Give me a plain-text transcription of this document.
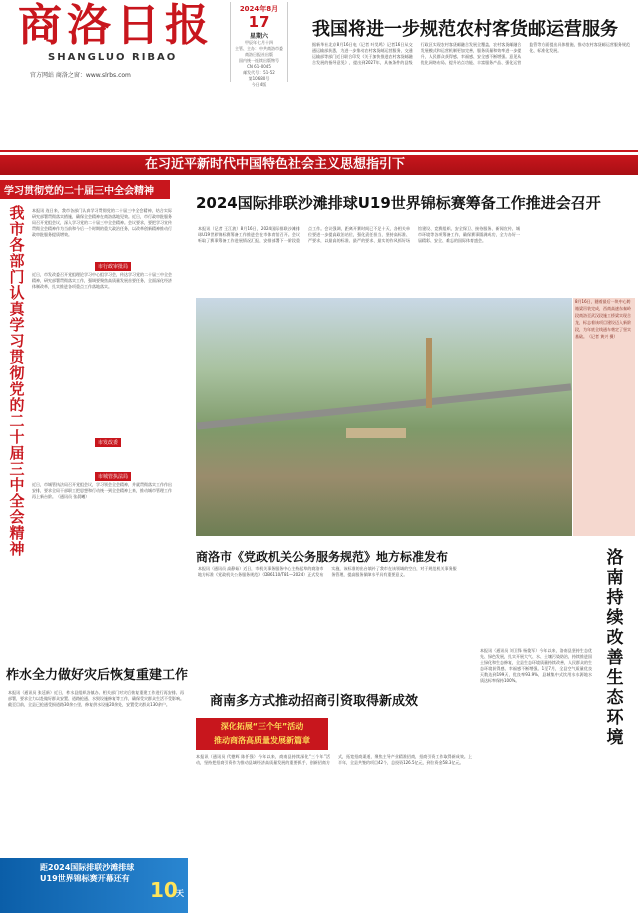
商洛日报
SHANGLUO RIBAO
官方网站 商洛之窗：www.slrbs.com
2024年8月
17
星期六
甲辰年七月十四
主管、主办：中共商洛市委
商洛日报社出版
国内统一连续出版物号
CN 61-0045
邮发代号：51-52
第10680号
今日4版
我国将进一步规范农村客货邮运营服务
据新华社北京8月16日电（记者 叶昊鸣）记者16日从交通运输部获悉，为进一步推动农村客货邮运营服务，交通运输部等部门近日联合印发《关于加快推进农村客货邮融合发展的指导意见》，提出到2027年，具备条件的县级行政区实现农村客货邮融合发展全覆盖，农村客货邮融合发展模式和运营机制更加完善，服务质量和效率进一步提升，人民群众获得感、幸福感、安全感不断增强。意见从优化网络布局、提升站点功能、丰富服务产品、强化运营监管等方面提出具体措施，推动农村客货邮运营服务规范化、标准化发展。
在习近平新时代中国特色社会主义思想指引下
学习贯彻党的二十届三中全会精神
我市各部门认真学习贯彻党的二十届三中全会精神
本报讯 连日来，我市各部门认真学习贯彻党的二十届三中全会精神，结合实际研究部署贯彻落实措施，确保全会精神在商洛落地见效。近日，市行政审批服务局召开党组会议，深入学习党的二十届三中全会精神。会议要求，要把学习宣传贯彻全会精神作为当前和今后一个时期的重大政治任务，以改革创新精神推动行政审批服务提质增效。
市行政审批局
近日，市发改委召开党组理论学习中心组学习会，传达学习党的二十届三中全会精神，研究部署贯彻落实工作，强调要聚焦高质量发展首要任务，全面深化经济体制改革，扎实推进各项重点工作落地落实。
市发改委
市城管执法局
近日，市城管执法局召开党组会议，学习领会全会精神，并就贯彻落实工作作出安排，要求全局干部职工把思想和行动统一到全会精神上来，推动城市管理工作再上新台阶。（通讯员 张晨曦）
2024国际排联沙滩排球U19世界锦标赛筹备工作推进会召开
本报讯（记者 王江波）8月16日，2024国际排联沙滩排球U19世界锦标赛筹备工作推进会在市体育馆召开。会议听取了赛事筹备工作进展情况汇报，安排部署下一阶段重点工作。会议强调，距离开赛时间已不足十天，各相关单位要进一步提高政治站位，强化责任担当，坚持高标准、严要求，以最高的标准、最严的要求、最实的作风抓好场馆建设、竞赛组织、安全保卫、接待服务、新闻宣传、城市环境等各项筹备工作，确保赛事圆满成功，全力办好一届精彩、安全、难忘的国际体育盛会。
8月16日，随着最后一块中心跨箱梁吊装完成，西商高速东秦岭段商洛至武汉段施工桥梁实现合龙，标志着该项目建设迈入新阶段，为年底全线通车奠定了坚实基础。（记者 黄兴 摄）
商洛市《党政机关公务服务规范》地方标准发布
本报讯（通讯员 高静茹）近日，市机关事务服务中心主持起草的商洛市地方标准《党政机关公务服务规范》（DB6110/T81—2024）正式发布实施，该标准的出台填补了我市在该领域的空白，对于规范机关事务服务管理，提高服务保障水平具有重要意义。
洛南持续改善生态环境
本报讯（通讯员 刘卫锋 杨俊军）今年以来，洛南县坚持生态优先、绿色发展，扎实开展大气、水、土壤污染防治，持续推进国土绿化和生态修复，全县生态环境质量持续改善，人民群众的生态环境获得感、幸福感不断增强。1至7月，全县空气质量优良天数达到199天，优良率93.9%，县城集中式饮用水水源地水质达标率保持100%。
柞水全力做好灾后恢复重建工作
本报讯（通讯员 张廷新）近日，柞水县组织各镇办、相关部门对灾后恢复重建工作进行再安排、再部署，要求全力以赴做好群众安置、道路抢通、水毁设施修复等工作，确保受灾群众生活不受影响。截至目前，全县已抢通受损道路30余公里，修复供水设施20余处，安置受灾群众130余户。
距2024国际排联沙滩排球U19世界锦标赛开幕还有	10
天
商南多方式推动招商引资取得新成效
深化拓展“三个年”活动
推动商洛高质量发展新篇章
本报讯（通讯员 代德辉 陈仟强）今年以来，商南县持续深化“三个年”活动，坚持把招商引资作为推动县域经济高质量发展的重要抓手，创新招商方式，拓宽招商渠道，聚焦主导产业精准招商，招商引资工作取得新成效。上半年，全县共签约项目42个，总投资126.5亿元，到位资金58.3亿元。
